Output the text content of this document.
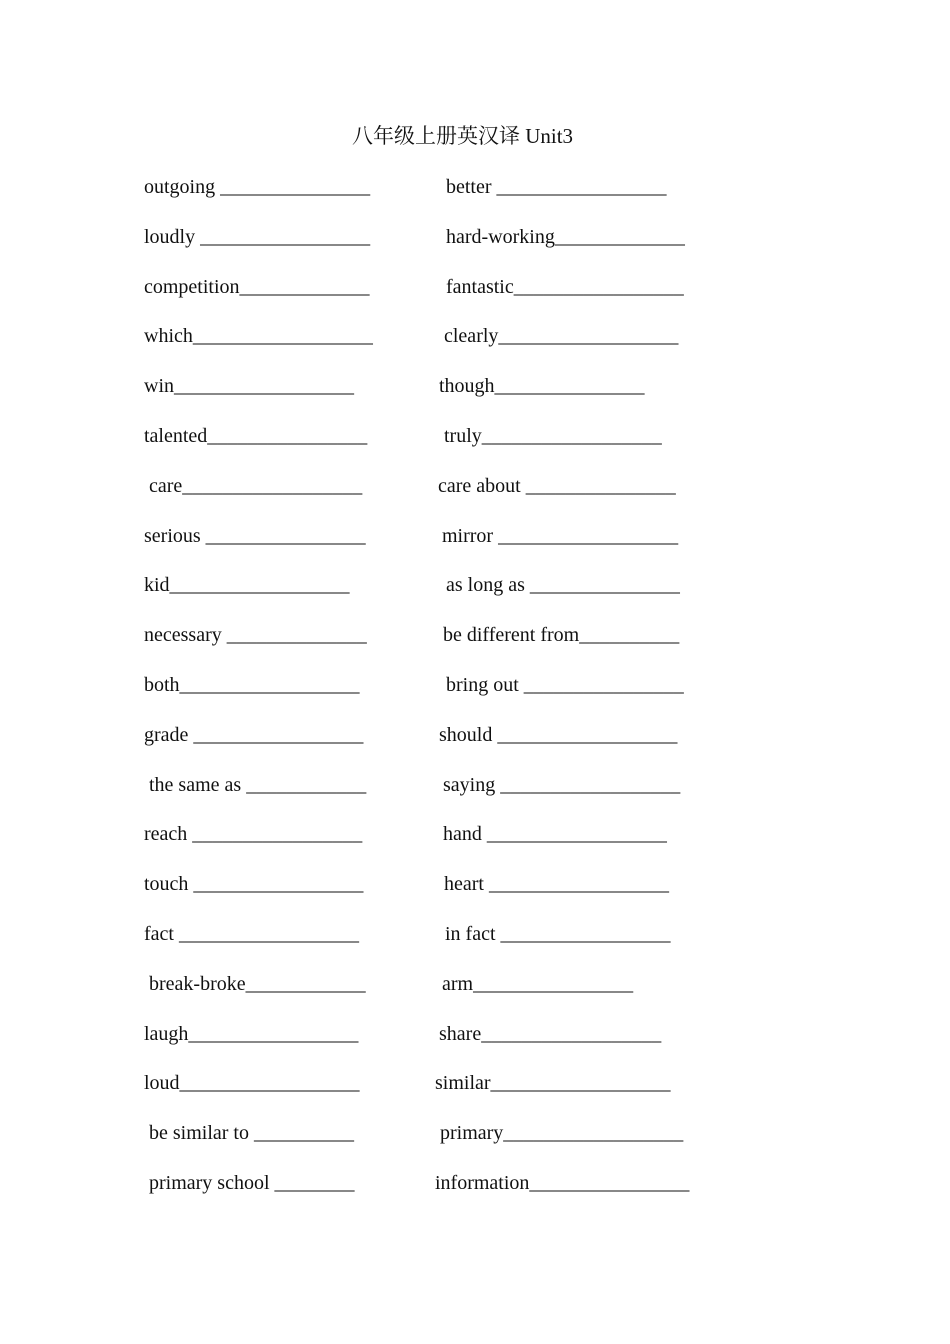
八年级上册英汉译 Unit3
outgoing _______________	better _________________
loudly _________________	hard-working_____________
competition_____________	fantastic_________________
which__________________	clearly__________________
win__________________	though_______________
talented________________	truly__________________
care__________________	care about _______________
serious ________________	mirror __________________
kid__________________	as long as _______________
necessary ______________	be different from__________
both__________________	bring out ________________
grade _________________	should __________________
the same as ____________	saying __________________
reach _________________	hand __________________
touch _________________	heart __________________
fact __________________	in fact _________________
break-broke____________	arm________________
laugh_________________	share__________________
loud__________________	similar__________________
be similar to __________	primary__________________
primary school ________	information________________
